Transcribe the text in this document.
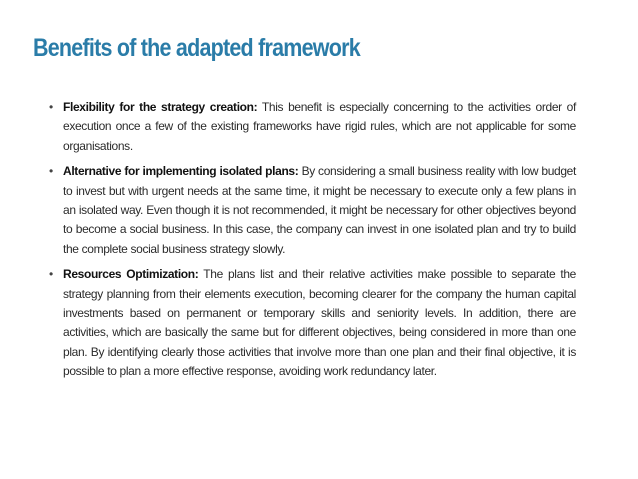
Benefits of the adapted framework
• Flexibility for the strategy creation: This benefit is especially concerning to the activities order of execution once a few of the existing frameworks have rigid rules, which are not applicable for some organisations.
• Alternative for implementing isolated plans: By considering a small business reality with low budget to invest but with urgent needs at the same time, it might be necessary to execute only a few plans in an isolated way. Even though it is not recommended, it might be necessary for other objectives beyond to become a social business. In this case, the company can invest in one isolated plan and try to build the complete social business strategy slowly.
• Resources Optimization: The plans list and their relative activities make possible to separate the strategy planning from their elements execution, becoming clearer for the company the human capital investments based on permanent or temporary skills and seniority levels. In addition, there are activities, which are basically the same but for different objectives, being considered in more than one plan. By identifying clearly those activities that involve more than one plan and their final objective, it is possible to plan a more effective response, avoiding work redundancy later.
